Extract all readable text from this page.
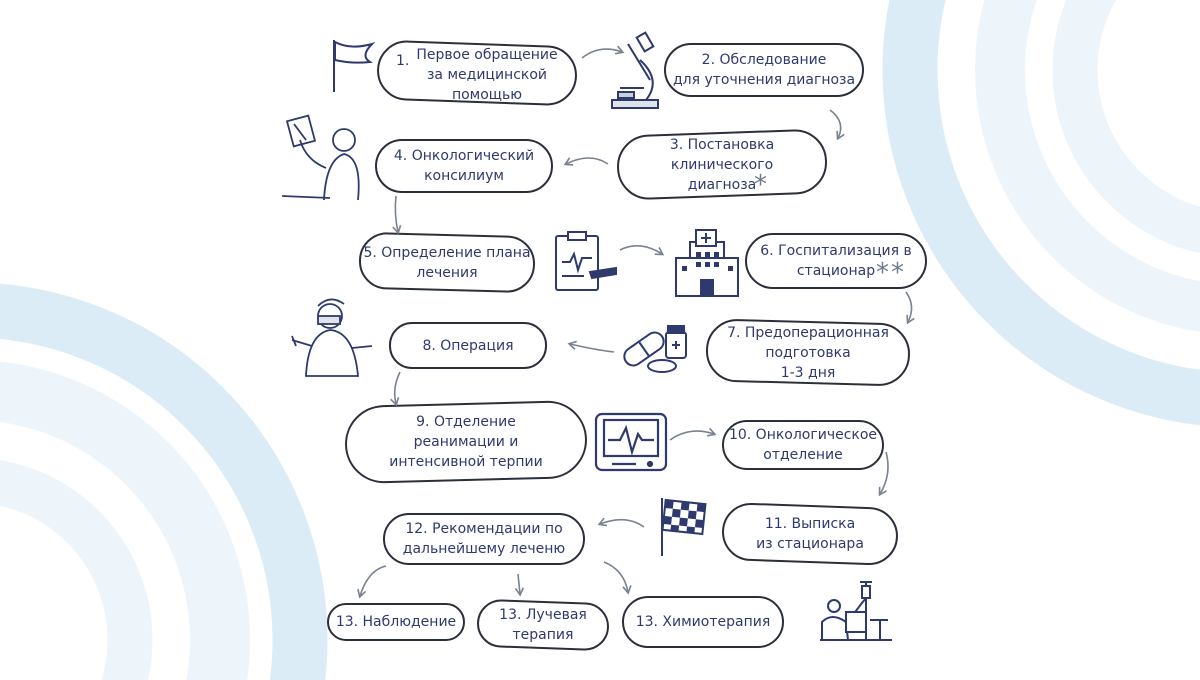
1. Первое обращение
за медицинской
помощью
2. Обследование
для уточнения диагноза
3. Постановка
клинического
диагноза
*
4. Онкологический
консилиум
5. Определение плана
лечения
6. Госпитализация в
стационар **
8. Операция
7. Предоперационная
подготовка
1-3 дня
9. Отделение
реанимации и
интенсивной терпии
10. Онкологическое
отделение
11. Выписка
из стационара
12. Рекомендации по
дальнейшему леченю
13. Наблюдение	13. Лучевая
терапия
13. Химиотерапия
